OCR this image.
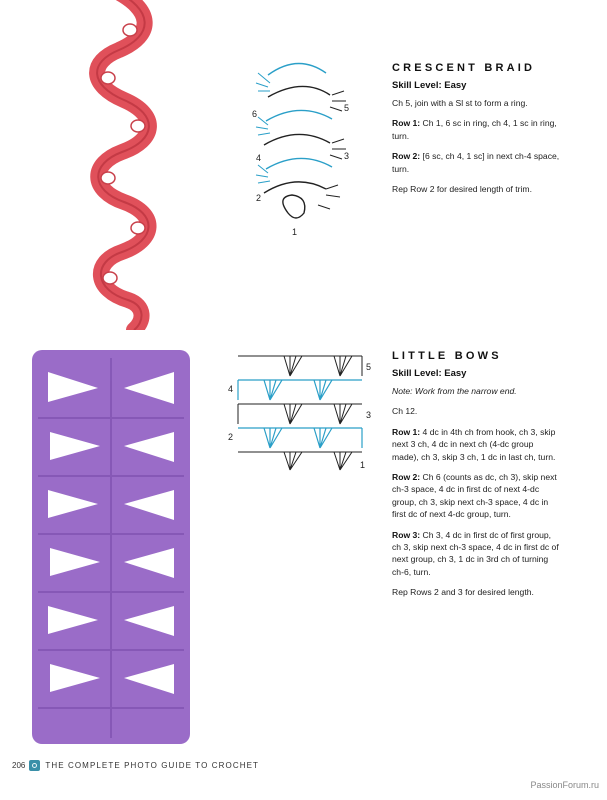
6
5
4	3
2
1
CRESCENT BRAID

Skill Level: Easy

Ch 5, join with a Sl st to form a ring.

Row 1: Ch 1, 6 sc in ring, ch 4, 1 sc in ring, turn.

Row 2: [6 sc, ch 4, 1 sc] in next ch-4 space, turn.

Rep Row 2 for desired length of trim.

5
4
3
2
1
LITTLE BOWS

Skill Level: Easy

Note: Work from the narrow end.

Ch 12.

Row 1: 4 dc in 4th ch from hook, ch 3, skip next 3 ch, 4 dc in next ch (4-dc group made), ch 3, skip 3 ch, 1 dc in last ch, turn.

Row 2: Ch 6 (counts as dc, ch 3), skip next ch-3 space, 4 dc in first dc of next 4-dc group, ch 3, skip next ch-3 space, 4 dc in first dc of next 4-dc group, turn.

Row 3: Ch 3, 4 dc in first dc of first group, ch 3, skip next ch-3 space, 4 dc in first dc of next group, ch 3, 1 dc in 3rd ch of turning ch-6, turn.

Rep Rows 2 and 3 for desired length.

206	THE COMPLETE PHOTO GUIDE TO CROCHET
PassionForum.ru
